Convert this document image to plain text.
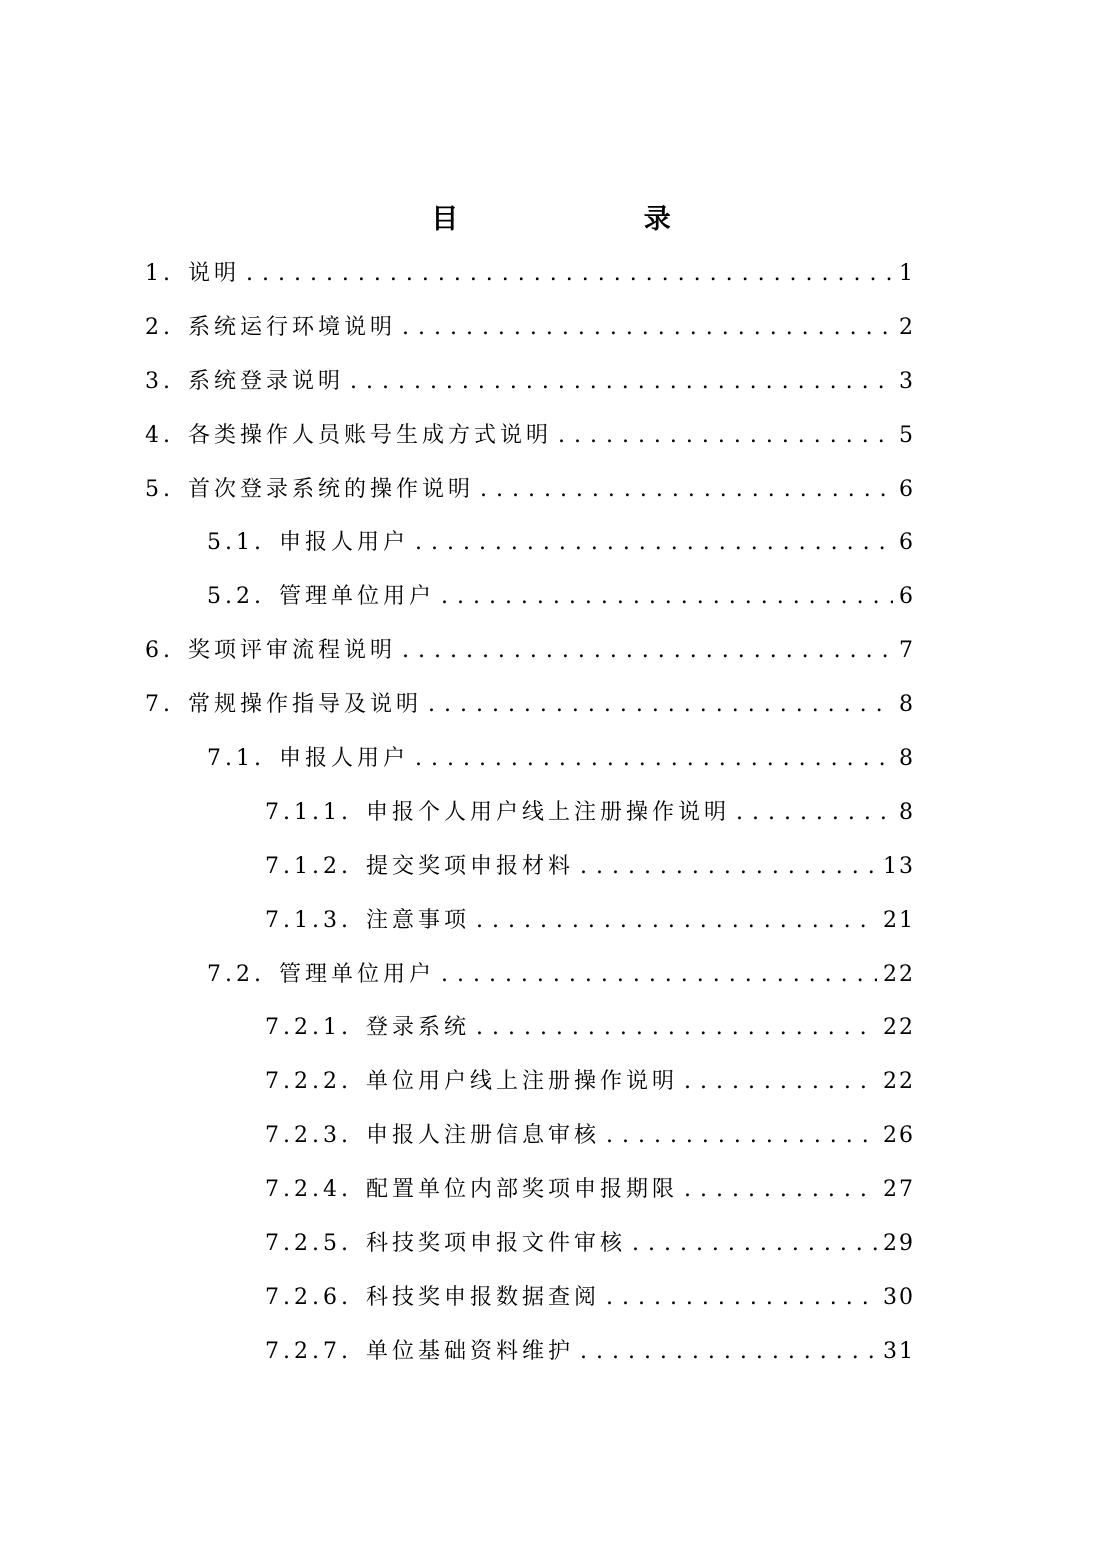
目 录
1. 说明 . . .	1
2. 系统运行环境说明 . . .	2
3. 系统登录说明 . . .	3
4. 各类操作人员账号生成方式说明 . . .	5
5. 首次登录系统的操作说明 . . .	6
5.1. 申报人用户 . . .	6
5.2. 管理单位用户 . . .	6
6. 奖项评审流程说明 . . .	7
7. 常规操作指导及说明 . . .	8
7.1. 申报人用户 . . .	8
7.1.1. 申报个人用户线上注册操作说明 . . .	8
7.1.2. 提交奖项申报材料 . . .	13
7.1.3. 注意事项 . . .	21
7.2. 管理单位用户 . . .	22
7.2.1. 登录系统 . . .	22
7.2.2. 单位用户线上注册操作说明 . . .	22
7.2.3. 申报人注册信息审核 . . .	26
7.2.4. 配置单位内部奖项申报期限 . . .	27
7.2.5. 科技奖项申报文件审核 . . .	29
7.2.6. 科技奖申报数据查阅 . . .	30
7.2.7. 单位基础资料维护 . . .	31
